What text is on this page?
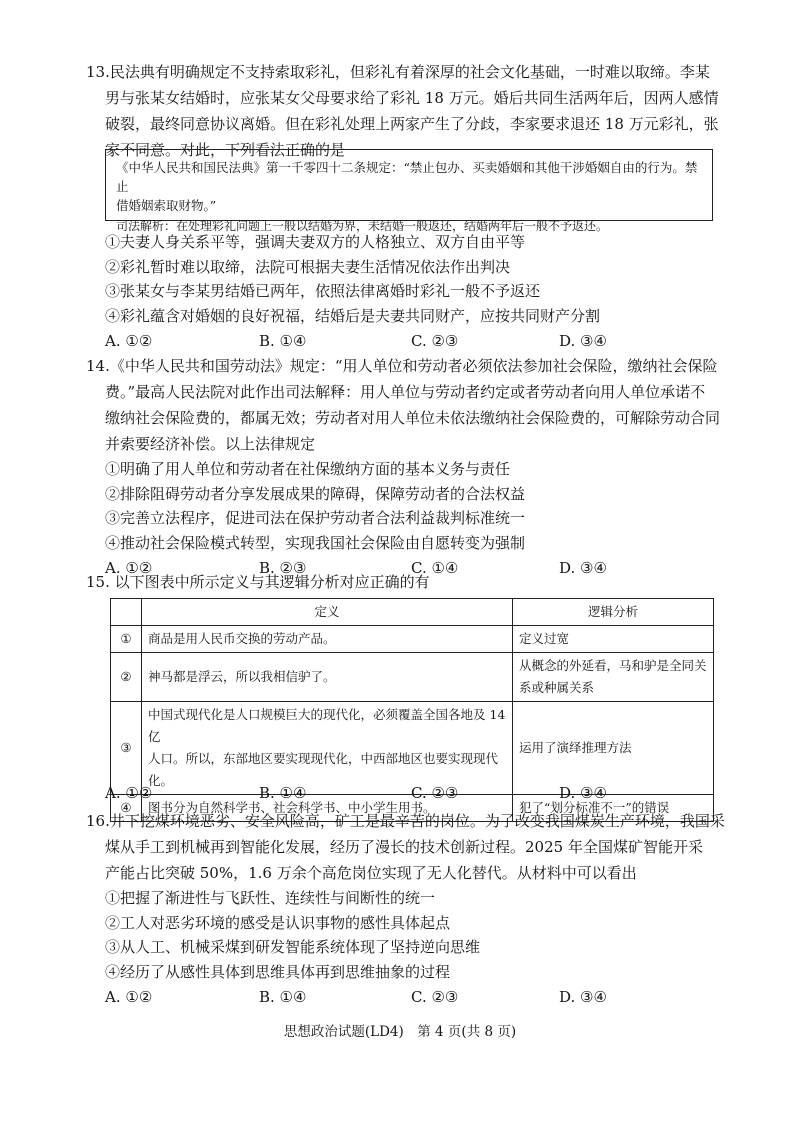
13.民法典有明确规定不支持索取彩礼，但彩礼有着深厚的社会文化基础，一时难以取缔。李某
男与张某女结婚时，应张某女父母要求给了彩礼 18 万元。婚后共同生活两年后，因两人感情
破裂，最终同意协议离婚。但在彩礼处理上两家产生了分歧，李家要求退还 18 万元彩礼，张
家不同意。对此，下列看法正确的是
《中华人民共和国民法典》第一千零四十二条规定：“禁止包办、买卖婚姻和其他干涉婚姻自由的行为。禁止
借婚姻索取财物。”
司法解析：在处理彩礼问题上一般以结婚为界，未结婚一般返还，结婚两年后一般不予返还。
①夫妻人身关系平等，强调夫妻双方的人格独立、双方自由平等
②彩礼暂时难以取缔，法院可根据夫妻生活情况依法作出判决
③张某女与李某男结婚已两年，依照法律离婚时彩礼一般不予返还
④彩礼蕴含对婚姻的良好祝福，结婚后是夫妻共同财产，应按共同财产分割
A. ①②	B. ①④	C. ②③	D. ③④
14.《中华人民共和国劳动法》规定：“用人单位和劳动者必须依法参加社会保险，缴纳社会保险
费。”最高人民法院对此作出司法解释：用人单位与劳动者约定或者劳动者向用人单位承诺不
缴纳社会保险费的，都属无效；劳动者对用人单位未依法缴纳社会保险费的，可解除劳动合同
并索要经济补偿。以上法律规定
①明确了用人单位和劳动者在社保缴纳方面的基本义务与责任
②排除阻碍劳动者分享发展成果的障碍，保障劳动者的合法权益
③完善立法程序，促进司法在保护劳动者合法利益裁判标准统一
④推动社会保险模式转型，实现我国社会保险由自愿转变为强制
A. ①②	B. ②③	C. ①④	D. ③④
15. 以下图表中所示定义与其逻辑分析对应正确的有
	定义	逻辑分析
①	商品是用人民币交换的劳动产品。	定义过宽
②	神马都是浮云，所以我相信驴了。	从概念的外延看，马和驴是全同关
系或种属关系

③	中国式现代化是人口规模巨大的现代化，必须覆盖全国各地及 14 亿
人口。所以，东部地区要实现现代化，中西部地区也要实现现代化。	运用了演绎推理方法
④	图书分为自然科学书、社会科学书、中小学生用书。	犯了“划分标准不一”的错误
A. ①②	B. ①④	C. ②③	D. ③④
16.井下挖煤环境恶劣、安全风险高，矿工是最辛苦的岗位。为了改变我国煤炭生产环境，我国采
煤从手工到机械再到智能化发展，经历了漫长的技术创新过程。2025 年全国煤矿智能开采
产能占比突破 50%，1.6 万余个高危岗位实现了无人化替代。从材料中可以看出
①把握了渐进性与飞跃性、连续性与间断性的统一
②工人对恶劣环境的感受是认识事物的感性具体起点
③从人工、机械采煤到研发智能系统体现了坚持逆向思维
④经历了从感性具体到思维具体再到思维抽象的过程
A. ①②	B. ①④	C. ②③	D. ③④
思想政治试题(LD4)　第 4 页(共 8 页)
